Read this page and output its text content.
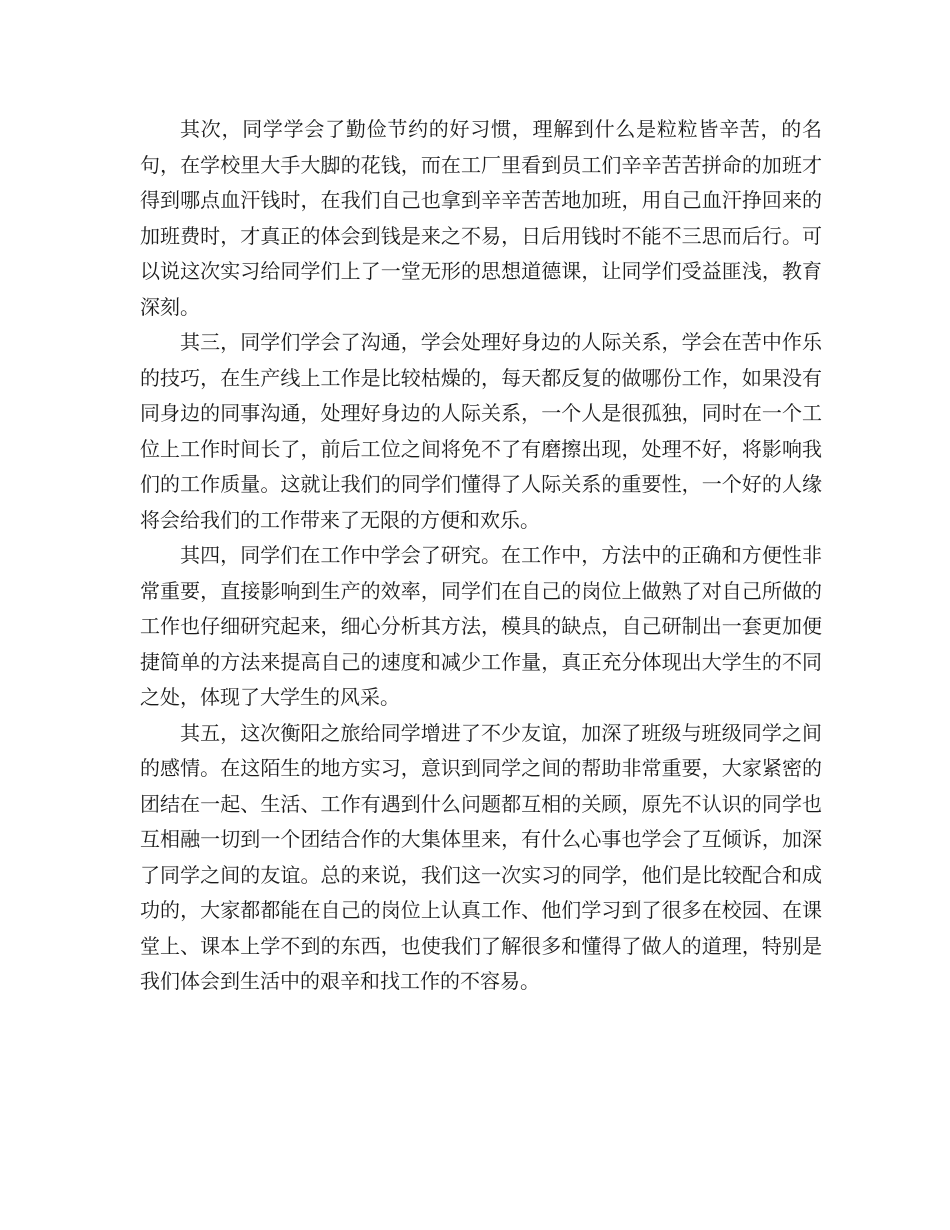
其次，同学学会了勤俭节约的好习惯，理解到什么是粒粒皆辛苦，的名句，在学校里大手大脚的花钱，而在工厂里看到员工们辛辛苦苦拼命的加班才得到哪点血汗钱时，在我们自己也拿到辛辛苦苦地加班，用自己血汗挣回来的加班费时，才真正的体会到钱是来之不易，日后用钱时不能不三思而后行。可以说这次实习给同学们上了一堂无形的思想道德课，让同学们受益匪浅，教育深刻。

其三，同学们学会了沟通，学会处理好身边的人际关系，学会在苦中作乐的技巧，在生产线上工作是比较枯燥的，每天都反复的做哪份工作，如果没有同身边的同事沟通，处理好身边的人际关系，一个人是很孤独，同时在一个工位上工作时间长了，前后工位之间将免不了有磨擦出现，处理不好，将影响我们的工作质量。这就让我们的同学们懂得了人际关系的重要性，一个好的人缘将会给我们的工作带来了无限的方便和欢乐。

其四，同学们在工作中学会了研究。在工作中，方法中的正确和方便性非常重要，直接影响到生产的效率，同学们在自己的岗位上做熟了对自己所做的工作也仔细研究起来，细心分析其方法，模具的缺点，自己研制出一套更加便捷简单的方法来提高自己的速度和减少工作量，真正充分体现出大学生的不同之处，体现了大学生的风采。

其五，这次衡阳之旅给同学增进了不少友谊，加深了班级与班级同学之间的感情。在这陌生的地方实习，意识到同学之间的帮助非常重要，大家紧密的团结在一起、生活、工作有遇到什么问题都互相的关顾，原先不认识的同学也互相融一切到一个团结合作的大集体里来，有什么心事也学会了互倾诉，加深了同学之间的友谊。总的来说，我们这一次实习的同学，他们是比较配合和成功的，大家都都能在自己的岗位上认真工作、他们学习到了很多在校园、在课堂上、课本上学不到的东西，也使我们了解很多和懂得了做人的道理，特别是我们体会到生活中的艰辛和找工作的不容易。
